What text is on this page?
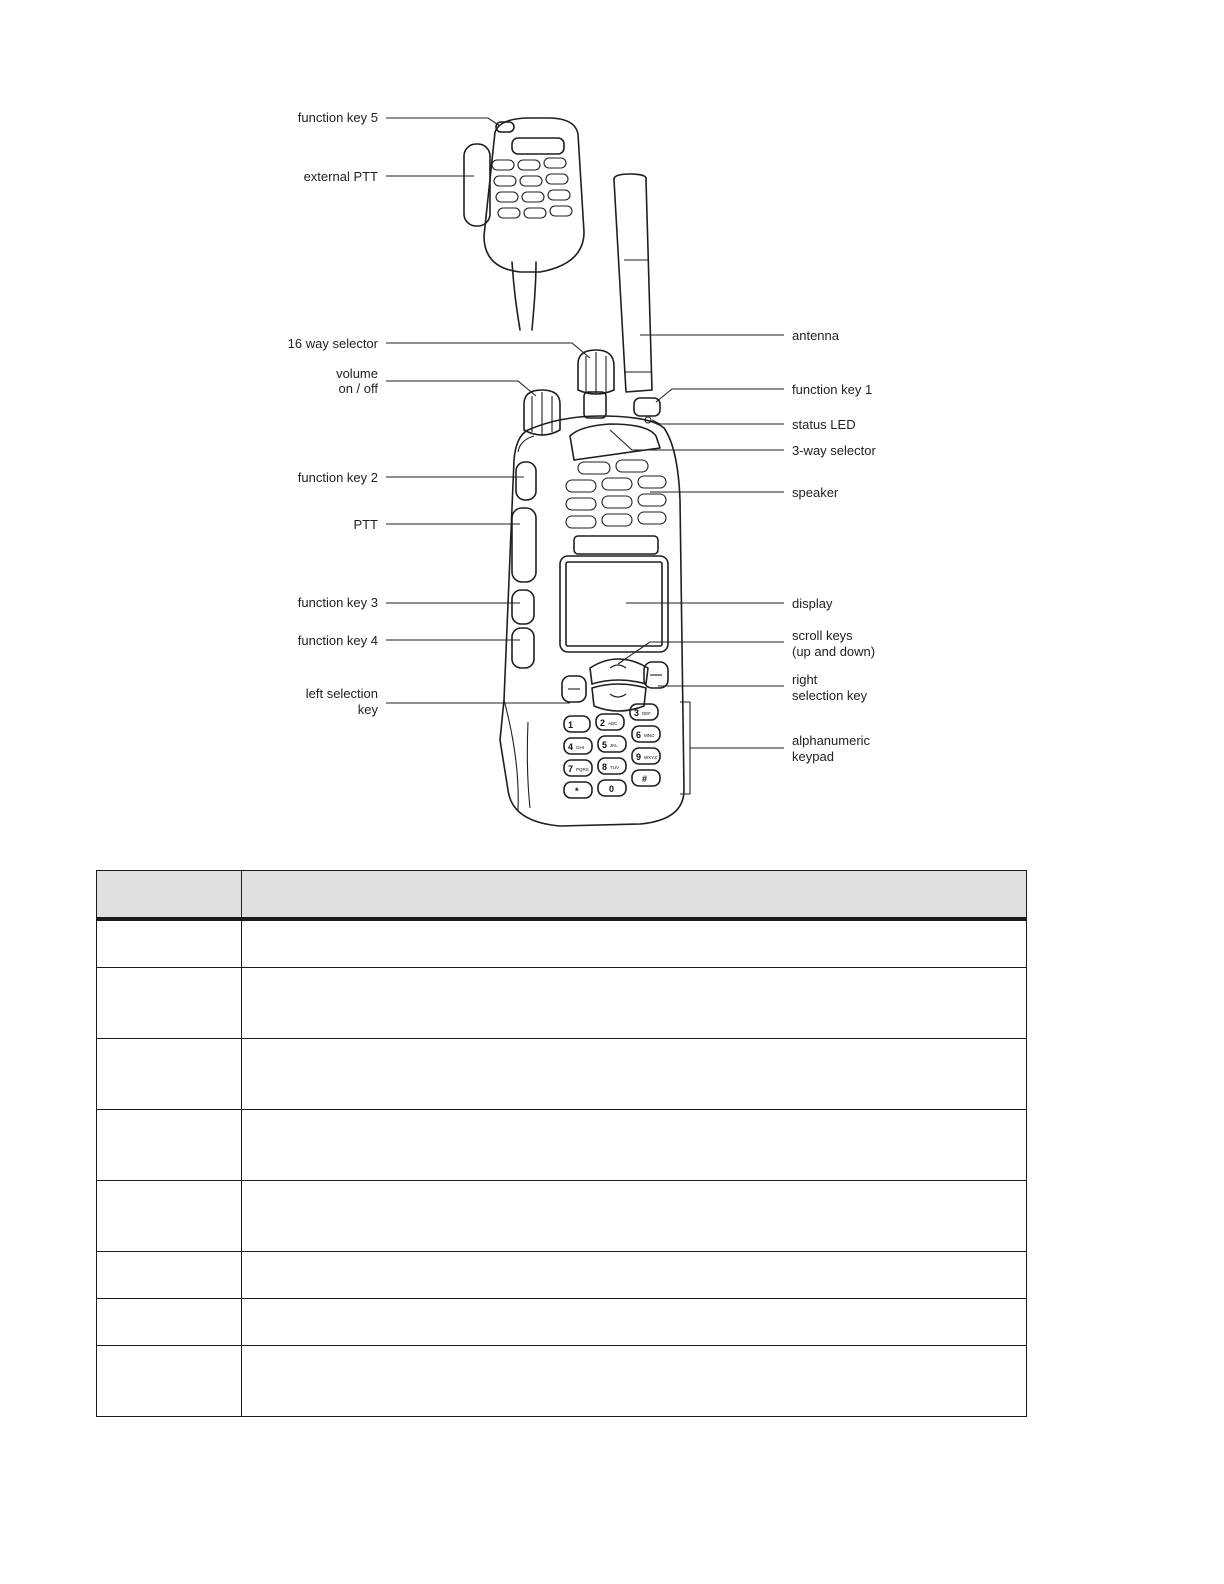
1	2 ABC
3 DEF
4 GHI 5 JKL
6 MNO
7 PQRS 8 TUV
9 WXYZ
*	0
#
function key 5
external PTT
16 way selector
volume
on / off
function key 2
PTT
function key 3
function key 4
left selection
key
antenna
function key 1
status LED
3-way selector
speaker
display
scroll keys
(up and down)
right
selection key
alphanumeric
keypad
